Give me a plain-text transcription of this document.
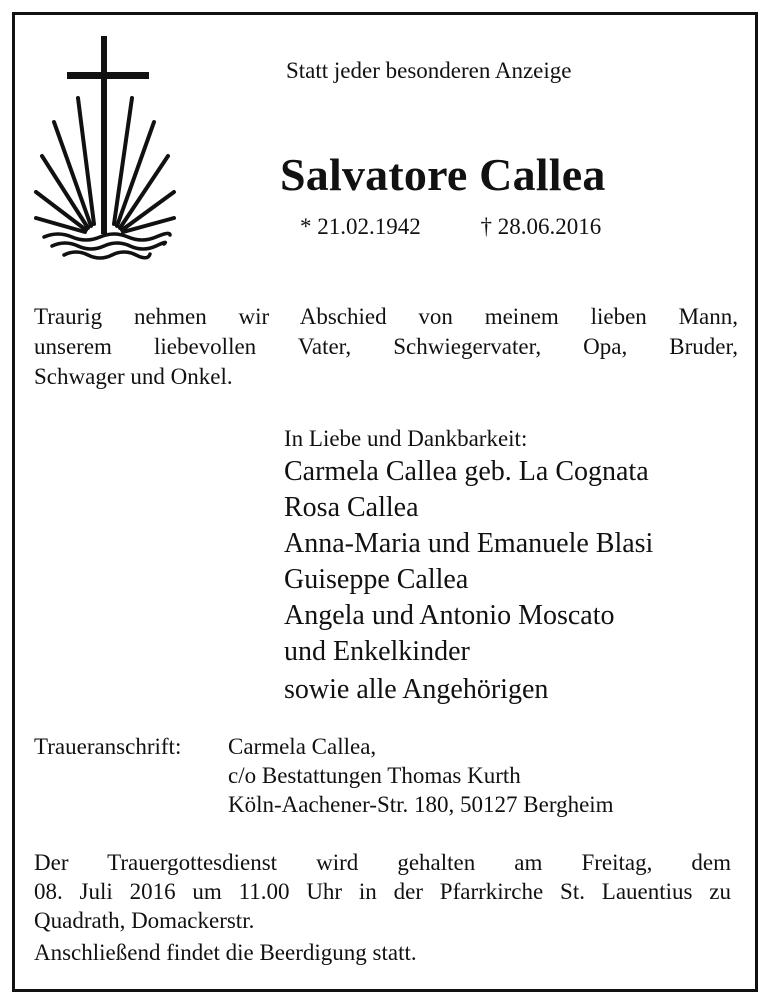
Statt jeder besonderen Anzeige
Salvatore Callea
* 21.02.1942	† 28.06.2016
Traurig nehmen wir Abschied von meinem lieben Mann,
unserem liebevollen Vater, Schwiegervater, Opa, Bruder,
Schwager und Onkel.
In Liebe und Dankbarkeit:
Carmela Callea geb. La Cognata
Rosa Callea
Anna-Maria und Emanuele Blasi
Guiseppe Callea
Angela und Antonio Moscato
und Enkelkinder
sowie alle Angehörigen
Traueranschrift: Carmela Callea,
c/o Bestattungen Thomas Kurth
Köln-Aachener-Str. 180, 50127 Bergheim
Der Trauergottesdienst wird gehalten am Freitag, dem
08. Juli 2016 um 11.00 Uhr in der Pfarrkirche St. Lauentius zu
Quadrath, Domackerstr.
Anschließend findet die Beerdigung statt.
